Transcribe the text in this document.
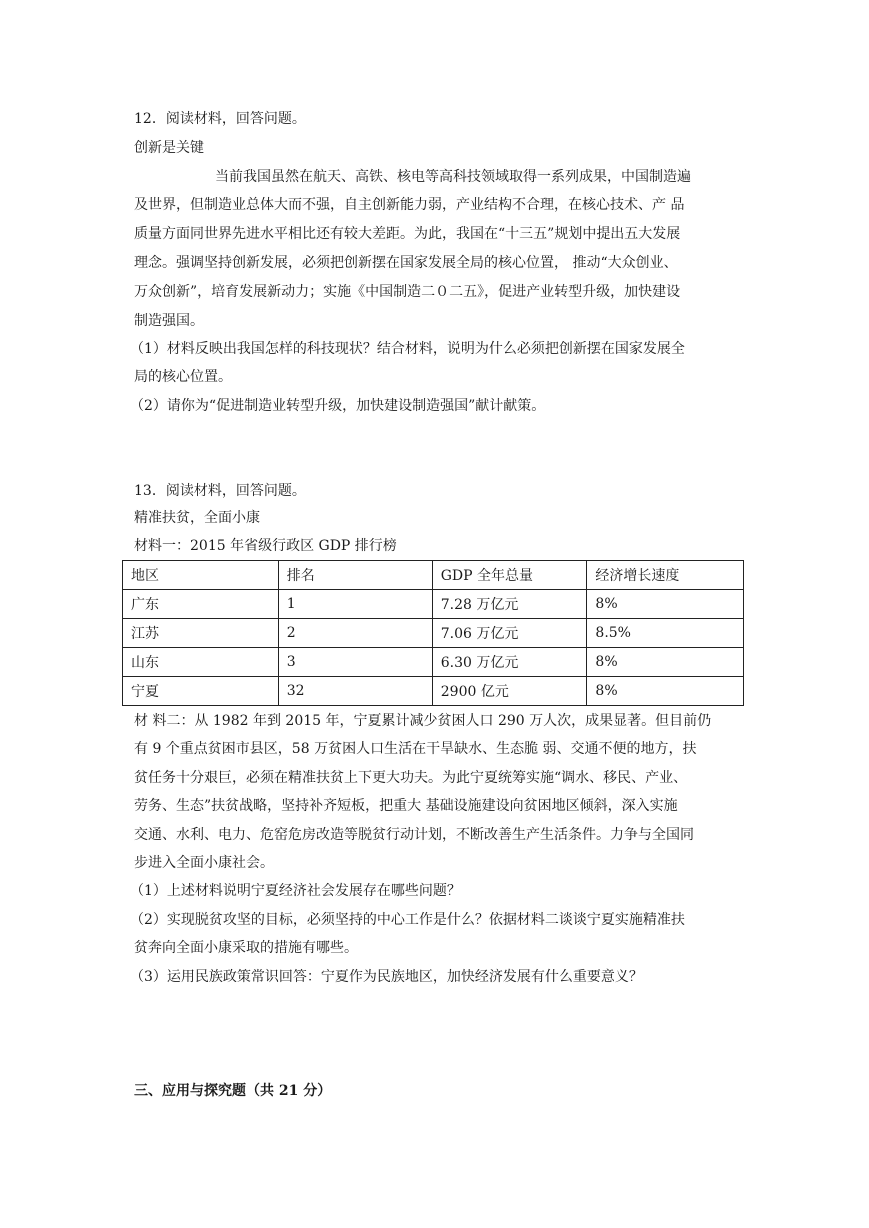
12．阅读材料，回答问题。
创新是关键
当前我国虽然在航天、高铁、核电等高科技领域取得一系列成果，中国制造遍
及世界，但制造业总体大而不强，自主创新能力弱，产业结构不合理，在核心技术、产 品
质量方面同世界先进水平相比还有较大差距。为此，我国在“十三五”规划中提出五大发展
理念。强调坚持创新发展，必须把创新摆在国家发展全局的核心位置， 推动“大众创业、
万众创新”，培育发展新动力；实施《中国制造二０二五》，促进产业转型升级，加快建设
制造强国。
（1）材料反映出我国怎样的科技现状？结合材料，说明为什么必须把创新摆在国家发展全
局的核心位置。
（2）请你为“促进制造业转型升级，加快建设制造强国”献计献策。
13．阅读材料，回答问题。
精准扶贫，全面小康
材料一：2015 年省级行政区 GDP 排行榜
地区	排名	GDP 全年总量	经济增长速度
广东	1	7.28 万亿元	8%
江苏	2	7.06 万亿元	8.5%
山东	3	6.30 万亿元	8%
宁夏	32	2900 亿元	8%
材 料二：从 1982 年到 2015 年，宁夏累计减少贫困人口 290 万人次，成果显著。但目前仍
有 9 个重点贫困市县区，58 万贫困人口生活在干旱缺水、生态脆 弱、交通不便的地方，扶
贫任务十分艰巨，必须在精准扶贫上下更大功夫。为此宁夏统筹实施“调水、移民、产业、
劳务、生态”扶贫战略，坚持补齐短板，把重大 基础设施建设向贫困地区倾斜，深入实施
交通、水利、电力、危窑危房改造等脱贫行动计划，不断改善生产生活条件。力争与全国同
步进入全面小康社会。
（1）上述材料说明宁夏经济社会发展存在哪些问题？
（2）实现脱贫攻坚的目标，必须坚持的中心工作是什么？依据材料二谈谈宁夏实施精准扶
贫奔向全面小康采取的措施有哪些。
（3）运用民族政策常识回答：宁夏作为民族地区，加快经济发展有什么重要意义？
三、应用与探究题（共 21 分）
